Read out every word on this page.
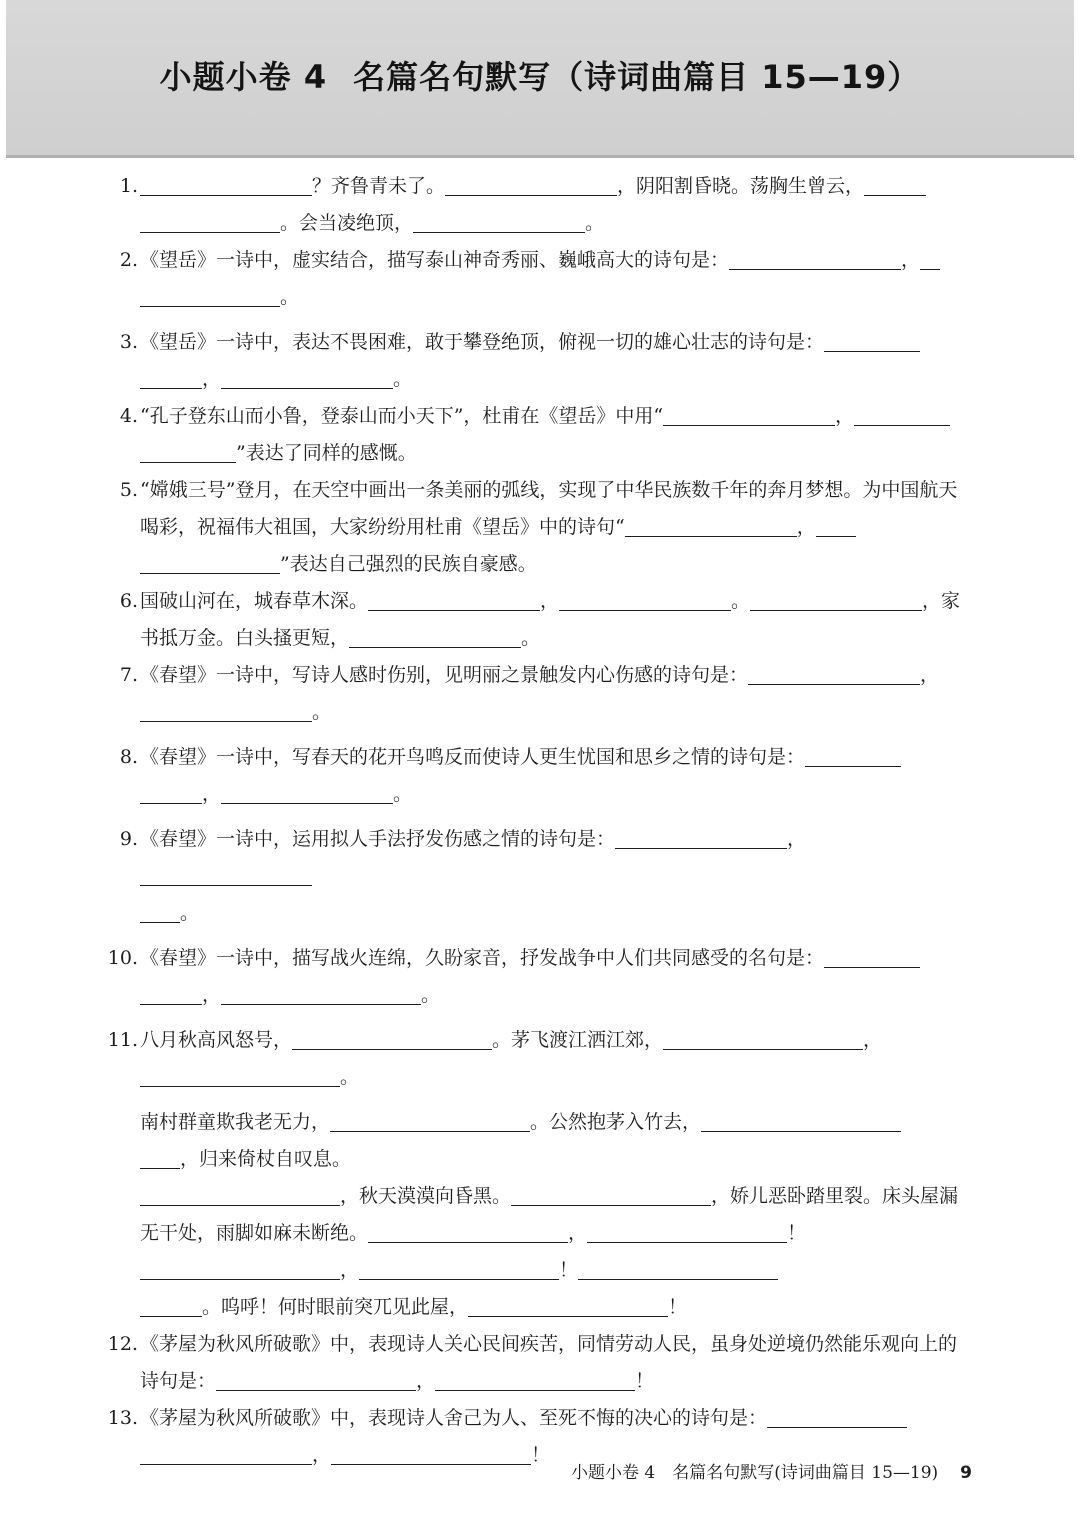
小题小卷 4 名篇名句默写（诗词曲篇目 15—19）
1.	？齐鲁青未了。	，阴阳割昏晓。荡胸生曾云，
。会当凌绝顶，	。
2. 《望岳》一诗中，虚实结合，描写泰山神奇秀丽、巍峨高大的诗句是：	，
。
3. 《望岳》一诗中，表达不畏困难，敢于攀登绝顶，俯视一切的雄心壮志的诗句是：
，	。
4. “孔子登东山而小鲁，登泰山而小天下”，杜甫在《望岳》中用“	，
”表达了同样的感慨。
5. “嫦娥三号”登月，在天空中画出一条美丽的弧线，实现了中华民族数千年的奔月梦想。为中国航天喝彩，祝福伟大祖国，大家纷纷用杜甫《望岳》中的诗句“	，
”表达自己强烈的民族自豪感。
6. 国破山河在，城春草木深。	，	。	，家书抵万金。白头搔更短，	。
7. 《春望》一诗中，写诗人感时伤别，见明丽之景触发内心伤感的诗句是：	，
。
8. 《春望》一诗中，写春天的花开鸟鸣反而使诗人更生忧国和思乡之情的诗句是：
，	。
9. 《春望》一诗中，运用拟人手法抒发伤感之情的诗句是：	，
。
10. 《春望》一诗中，描写战火连绵，久盼家音，抒发战争中人们共同感受的名句是：
，	。
11. 八月秋高风怒号，	。茅飞渡江洒江郊，	，
。
南村群童欺我老无力，	。公然抱茅入竹去，
，归来倚杖自叹息。
，秋天漠漠向昏黑。	，娇儿恶卧踏里裂。床头屋漏无干处，雨脚如麻未断绝。	，	！
，	！
。呜呼！何时眼前突兀见此屋，	！
12. 《茅屋为秋风所破歌》中，表现诗人关心民间疾苦，同情劳动人民，虽身处逆境仍然能乐观向上的诗句是：	，	！
13. 《茅屋为秋风所破歌》中，表现诗人舍己为人、至死不悔的决心的诗句是：
，	！
小题小卷 4　名篇名句默写(诗词曲篇目 15—19) 9
